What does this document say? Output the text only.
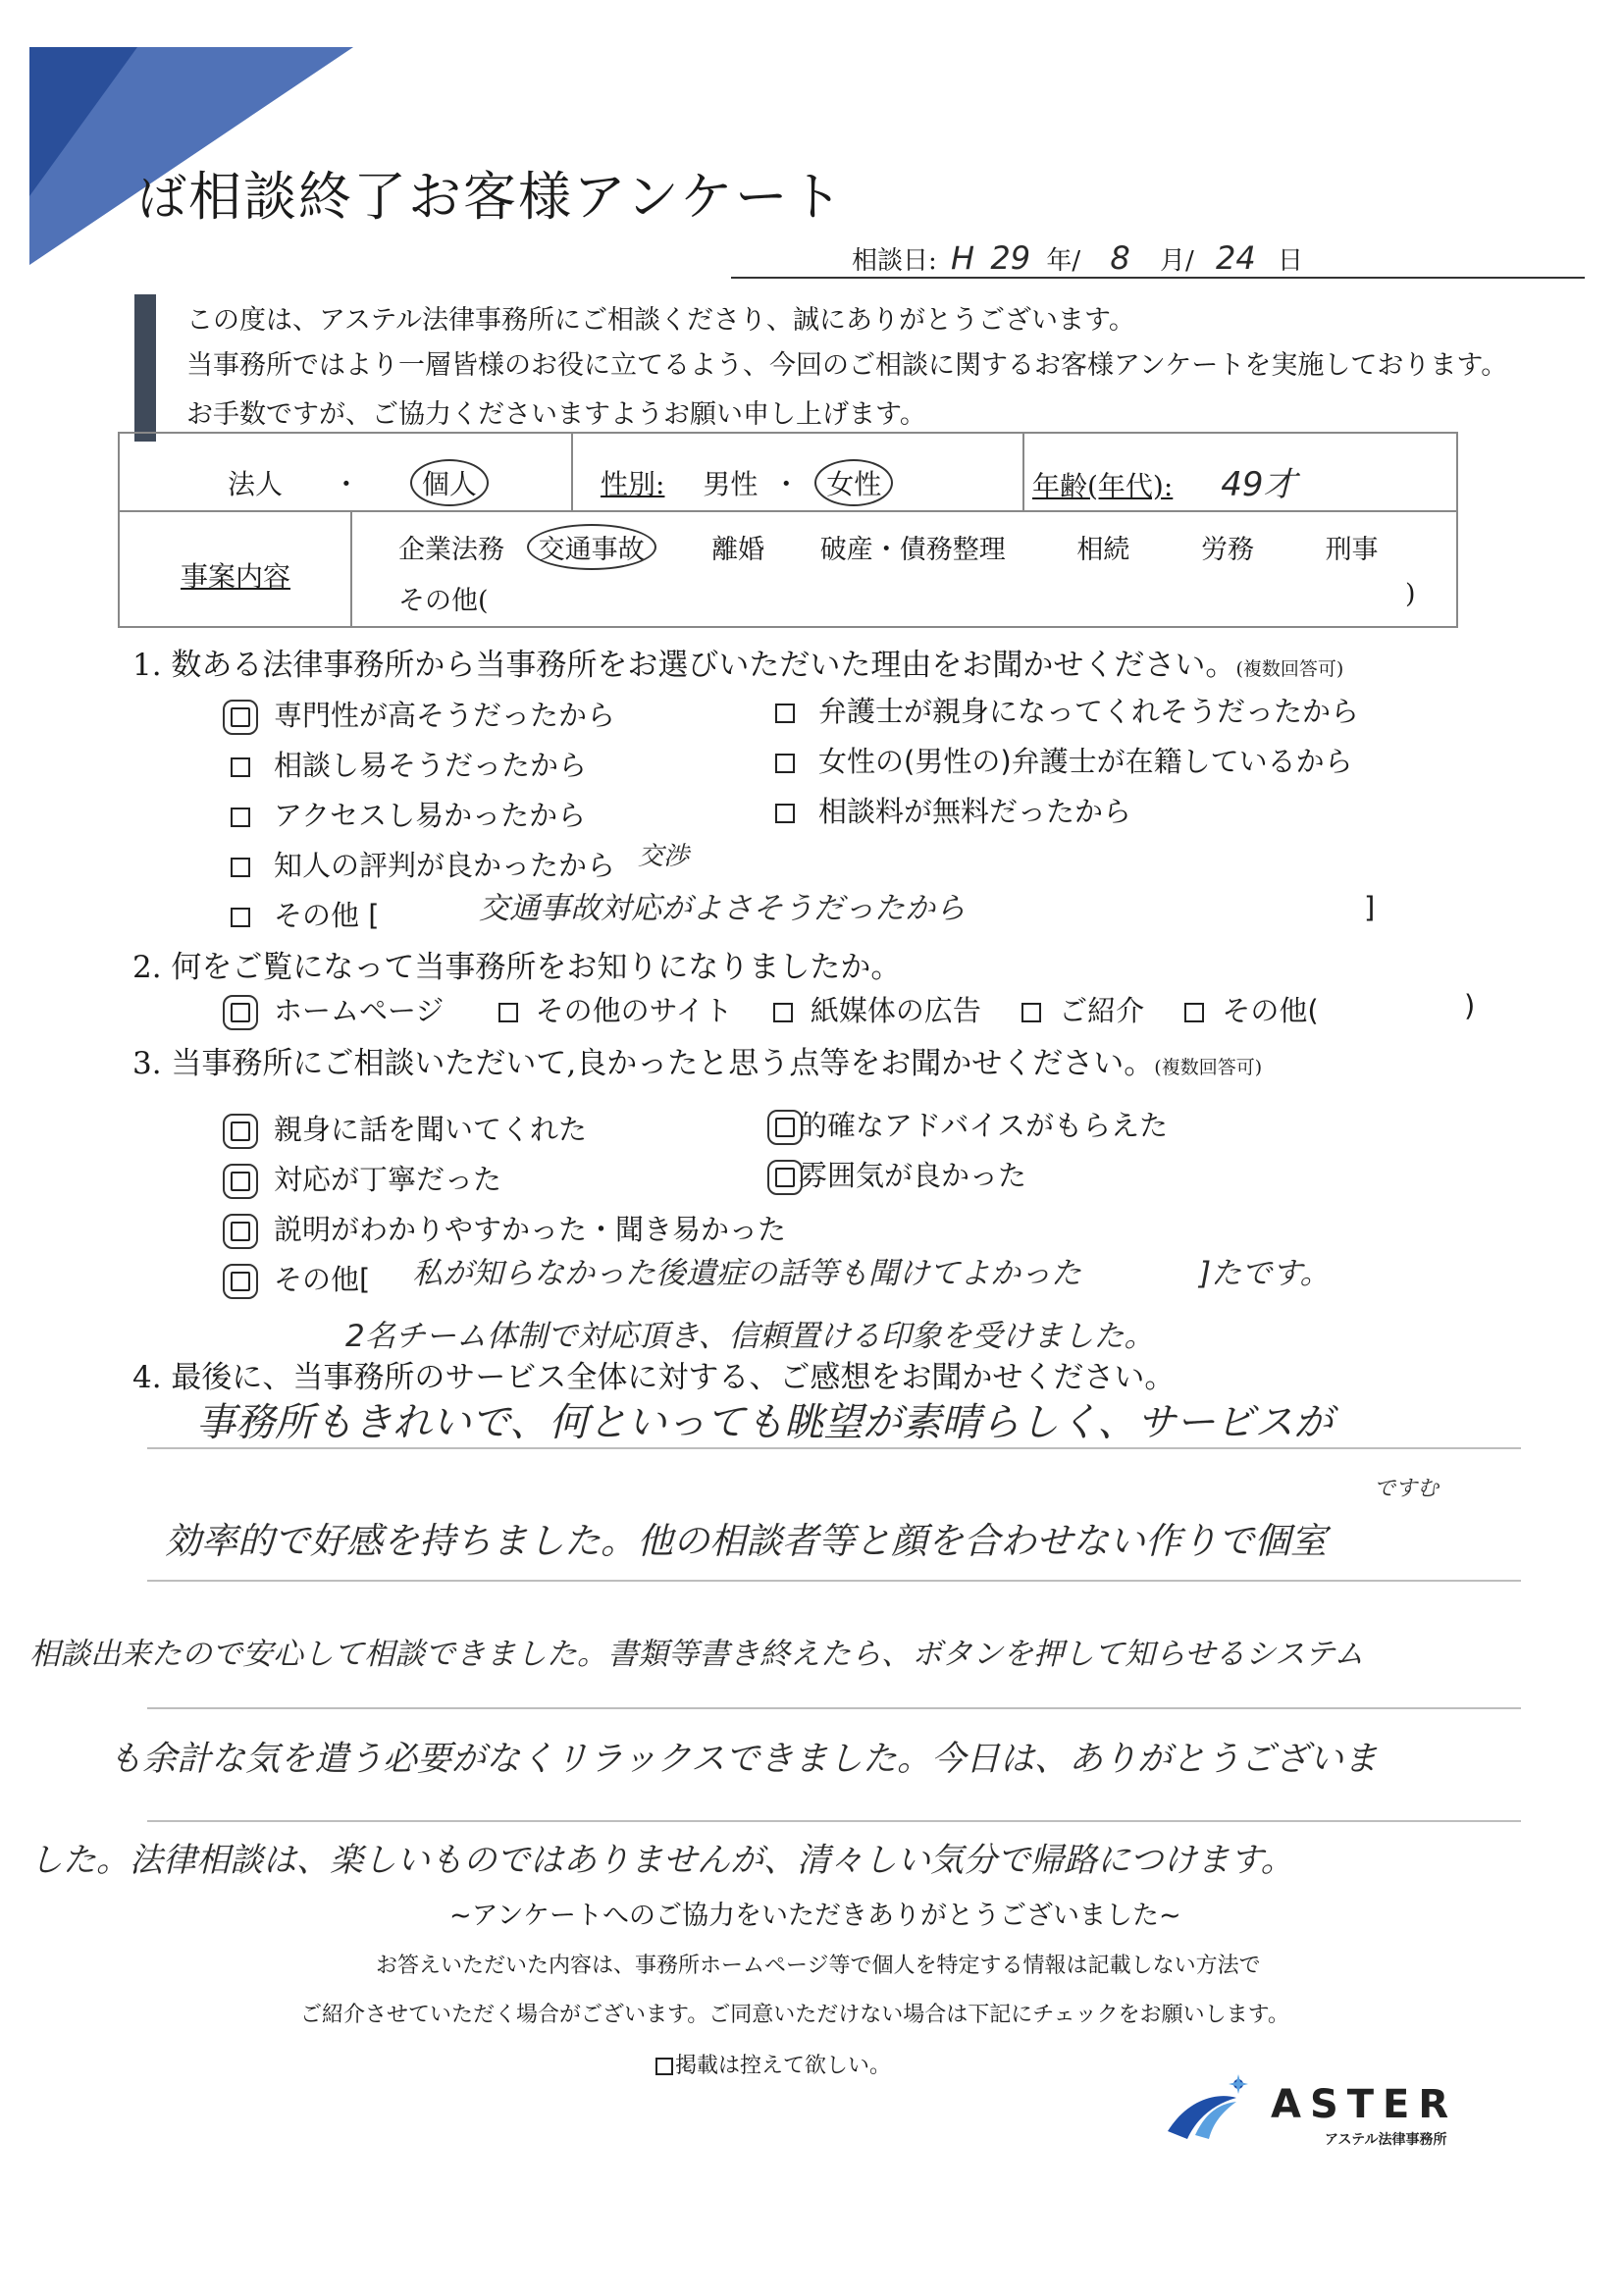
ば相談終了お客様アンケート
相談日: H 29 年/ 8 月/ 24 日
この度は、アステル法律事務所にご相談くださり、誠にありがとうございます。
当事務所ではより一層皆様のお役に立てるよう、今回のご相談に関するお客様アンケートを実施しております。
お手数ですが、ご協力くださいますようお願い申し上げます。
法人 ・ 個人	性別: 男性 ・ 女性	年齢(年代): 49才
事案内容
企業法務 交通事故	離婚 破産・債務整理	相続	労務	刑事
その他(	)
1. 数ある法律事務所から当事務所をお選びいただいた理由をお聞かせください。(複数回答可)
専門性が高そうだったから
相談し易そうだったから
アクセスし易かったから
知人の評判が良かったから
その他 [
交渉
交通事故対応がよさそうだったから	]
弁護士が親身になってくれそうだったから
女性の(男性の)弁護士が在籍しているから
相談料が無料だったから
2. 何をご覧になって当事務所をお知りになりましたか。
ホームページ	その他のサイト	紙媒体の広告	ご紹介	その他(	)
3. 当事務所にご相談いただいて,良かったと思う点等をお聞かせください。(複数回答可)
親身に話を聞いてくれた
対応が丁寧だった
説明がわかりやすかった・聞き易かった
その他[	私が知らなかった後遺症の話等も聞けてよかった	]たです。
2名チーム体制で対応頂き、信頼置ける印象を受けました。
的確なアドバイスがもらえた
雰囲気が良かった
4. 最後に、当事務所のサービス全体に対する、ご感想をお聞かせください。
ですむ
事務所もきれいで、何といっても眺望が素晴らしく、サービスが
効率的で好感を持ちました。他の相談者等と顔を合わせない作りで個室
相談出来たので安心して相談できました。書類等書き終えたら、ボタンを押して知らせるシステム
も余計な気を遣う必要がなくリラックスできました。今日は、ありがとうございま
した。法律相談は、楽しいものではありませんが、清々しい気分で帰路につけます。
~アンケートへのご協力をいただきありがとうございました~
お答えいただいた内容は、事務所ホームページ等で個人を特定する情報は記載しない方法で
ご紹介させていただく場合がございます。ご同意いただけない場合は下記にチェックをお願いします。
掲載は控えて欲しい。
ASTER
アステル法律事務所
